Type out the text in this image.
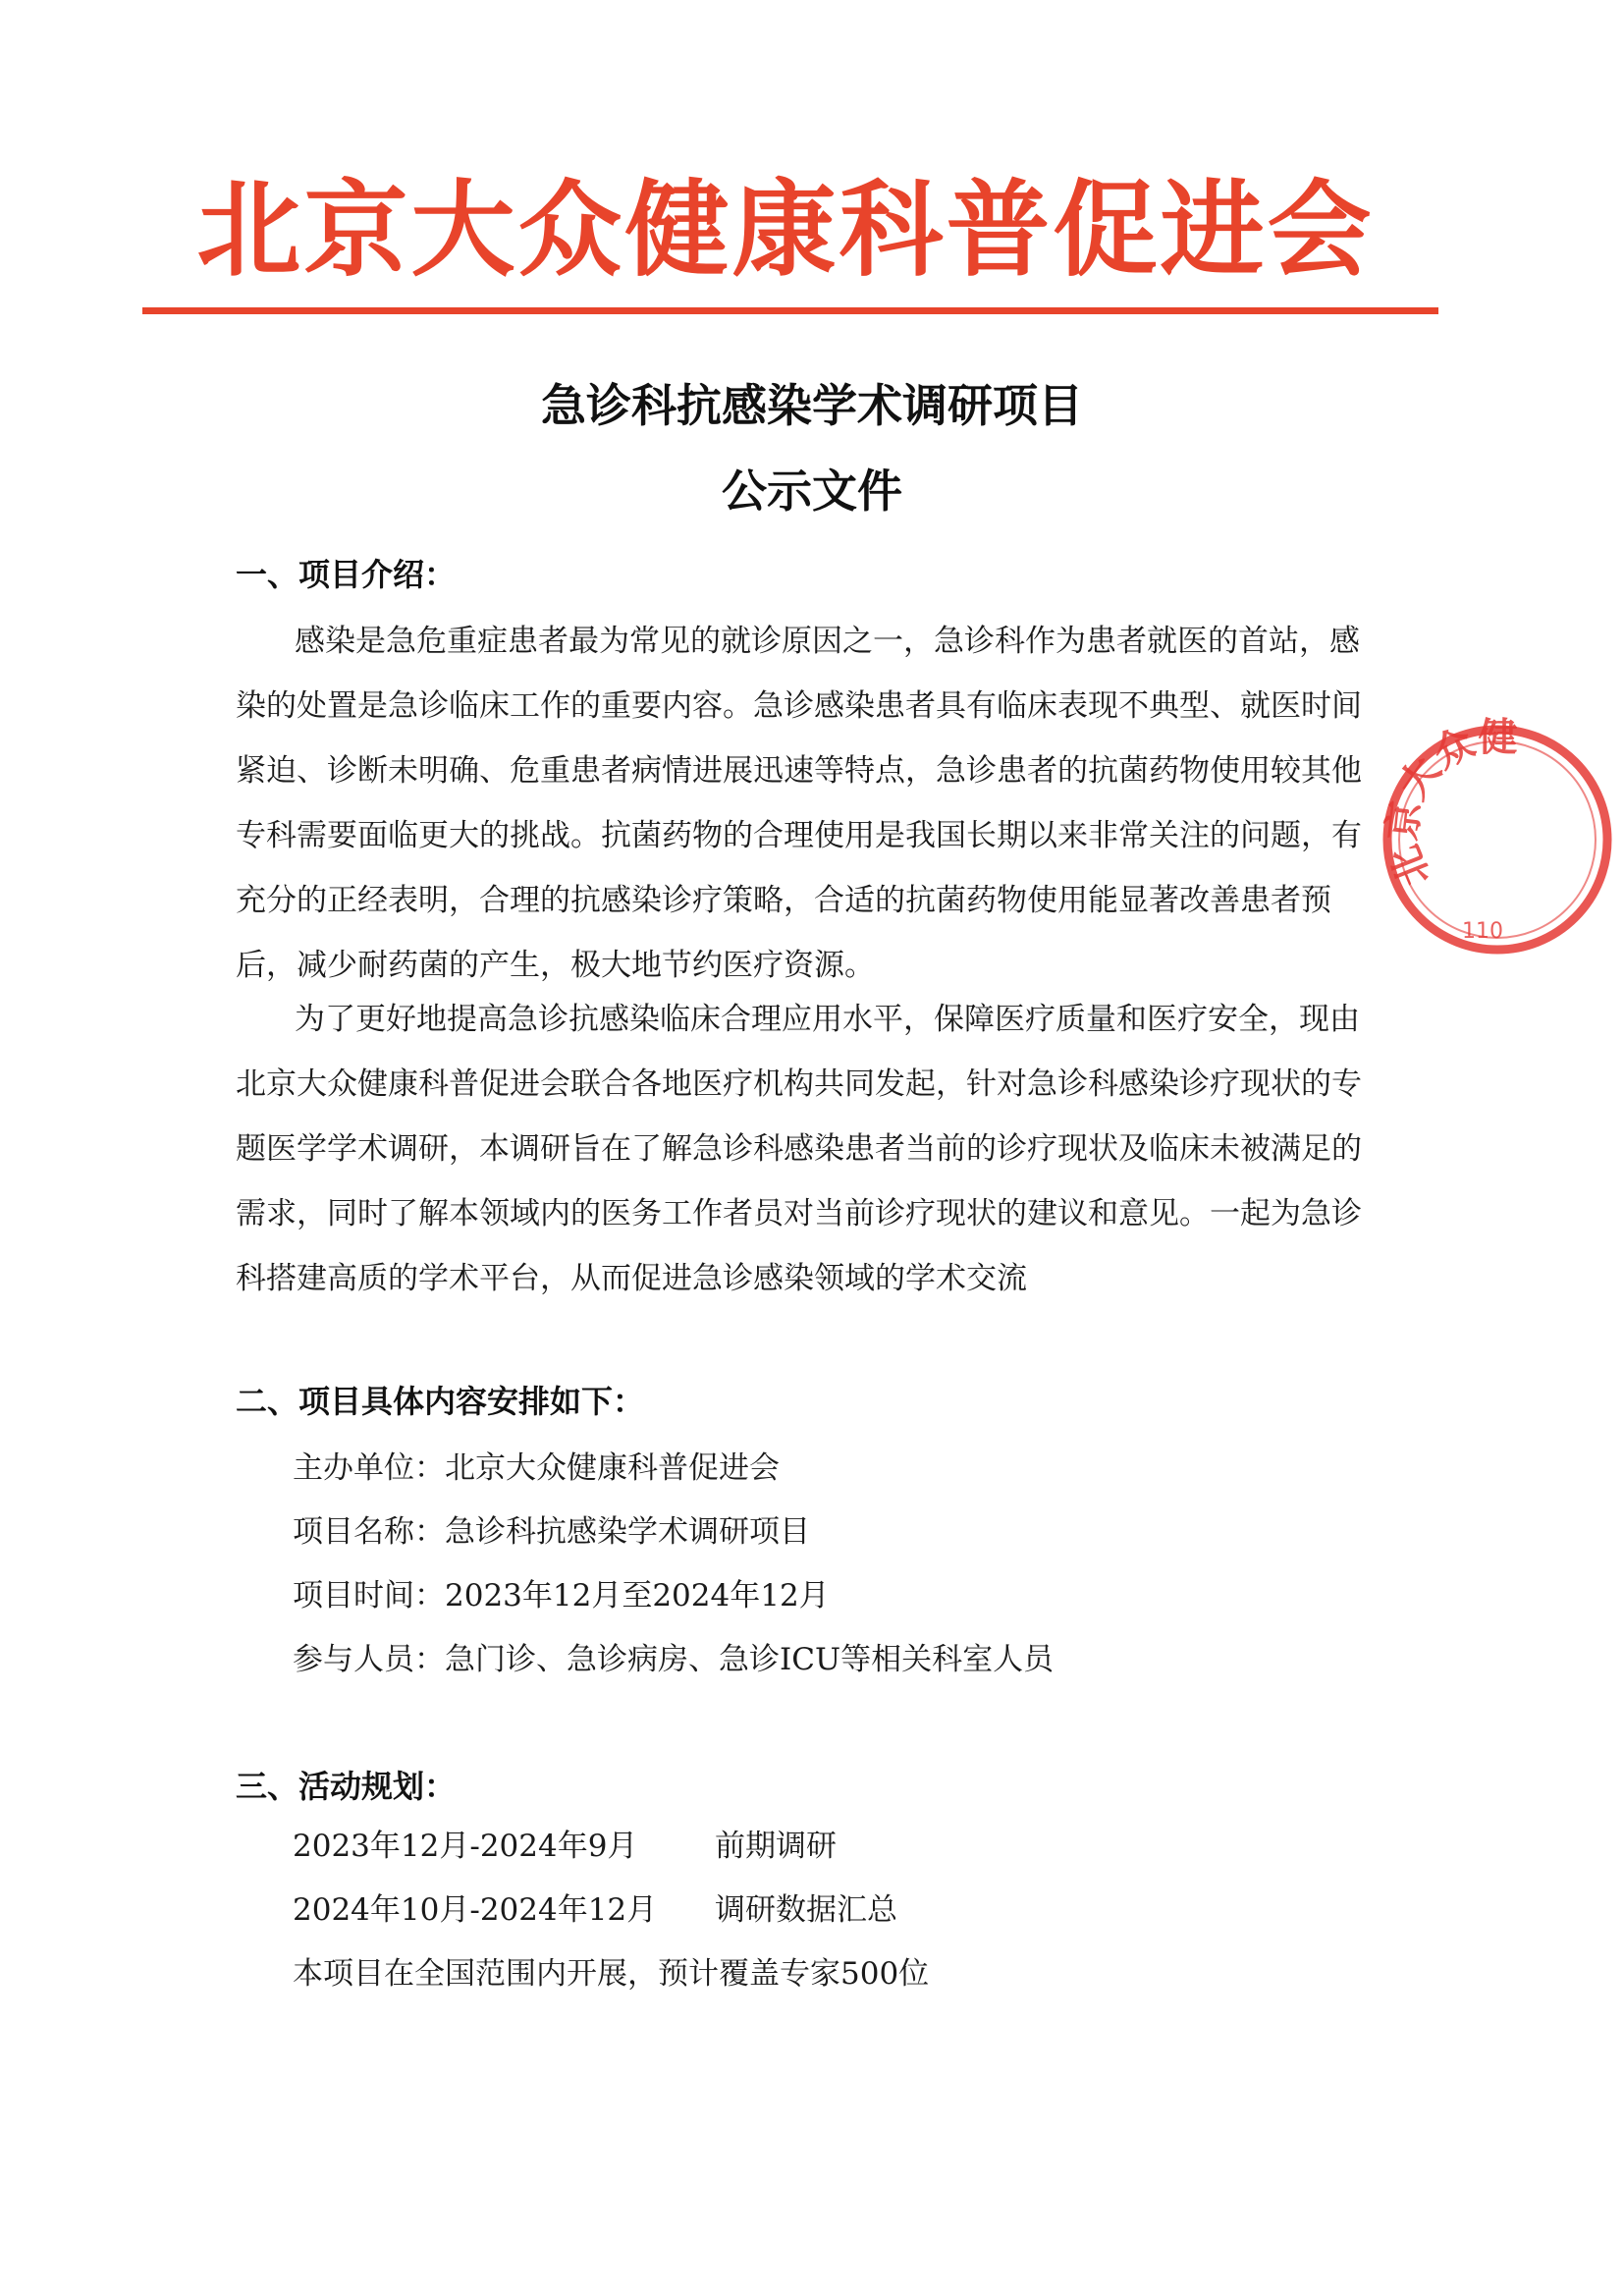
北京大众健康科普促进会
急诊科抗感染学术调研项目
公示文件
一、项目介绍：

感染是急危重症患者最为常见的就诊原因之一，急诊科作为患者就医的首站，感染的处置是急诊临床工作的重要内容。急诊感染患者具有临床表现不典型、就医时间紧迫、诊断未明确、危重患者病情进展迅速等特点，急诊患者的抗菌药物使用较其他专科需要面临更大的挑战。抗菌药物的合理使用是我国长期以来非常关注的问题，有充分的正经表明，合理的抗感染诊疗策略，合适的抗菌药物使用能显著改善患者预后，减少耐药菌的产生，极大地节约医疗资源。

为了更好地提高急诊抗感染临床合理应用水平，保障医疗质量和医疗安全，现由北京大众健康科普促进会联合各地医疗机构共同发起，针对急诊科感染诊疗现状的专题医学学术调研，本调研旨在了解急诊科感染患者当前的诊疗现状及临床未被满足的需求，同时了解本领域内的医务工作者员对当前诊疗现状的建议和意见。一起为急诊科搭建高质的学术平台，从而促进急诊感染领域的学术交流

二、项目具体内容安排如下：
主办单位：北京大众健康科普促进会
项目名称：急诊科抗感染学术调研项目
项目时间：2023年12月至2024年12月
参与人员：急门诊、急诊病房、急诊ICU等相关科室人员
三、活动规划：
2023年12月-2024年9月	前期调研
2024年10月-2024年12月 调研数据汇总
本项目在全国范围内开展，预计覆盖专家500位
北京大众健
110
